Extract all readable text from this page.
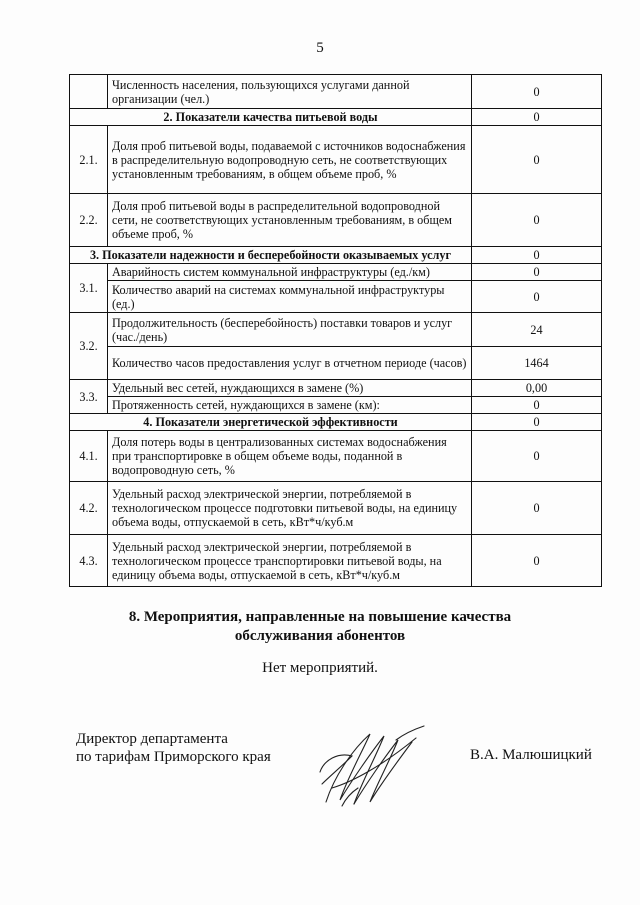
5
	Численность населения, пользующихся услугами данной организации (чел.)	0
2. Показатели качества питьевой воды		0
2.1.	Доля проб питьевой воды, подаваемой с источников водоснабжения в распределительную водопроводную сеть, не соответствующих установленным требованиям, в общем объеме проб, %	0
2.2.	Доля проб питьевой воды в распределительной водопроводной сети, не соответствующих установленным требованиям, в общем объеме проб, %	0
3. Показатели надежности и бесперебойности оказываемых услуг		0
3.1.	Аварийность систем коммунальной инфраструктуры (ед./км)	0
	Количество аварий на системах коммунальной инфраструктуры (ед.)	0
3.2.	Продолжительность (бесперебойность) поставки товаров и услуг (час./день)	24
	Количество часов предоставления услуг в отчетном периоде (часов)	1464
3.3.	Удельный вес сетей, нуждающихся в замене (%)	0,00
	Протяженность сетей, нуждающихся в замене (км):	0
4. Показатели энергетической эффективности		0
4.1.	Доля потерь воды в централизованных системах водоснабжения при транспортировке в общем объеме воды, поданной в водопроводную сеть, %	0
4.2.	Удельный расход электрической энергии, потребляемой в технологическом процессе подготовки питьевой воды, на единицу объема воды, отпускаемой в сеть, кВт*ч/куб.м	0
4.3.	Удельный расход электрической энергии, потребляемой в технологическом процессе транспортировки питьевой воды, на единицу объема воды, отпускаемой в сеть, кВт*ч/куб.м	0
8. Мероприятия, направленные на повышение качества
обслуживания абонентов
Нет мероприятий.
Директор департамента
по тарифам Приморского края	В.А. Малюшицкий
